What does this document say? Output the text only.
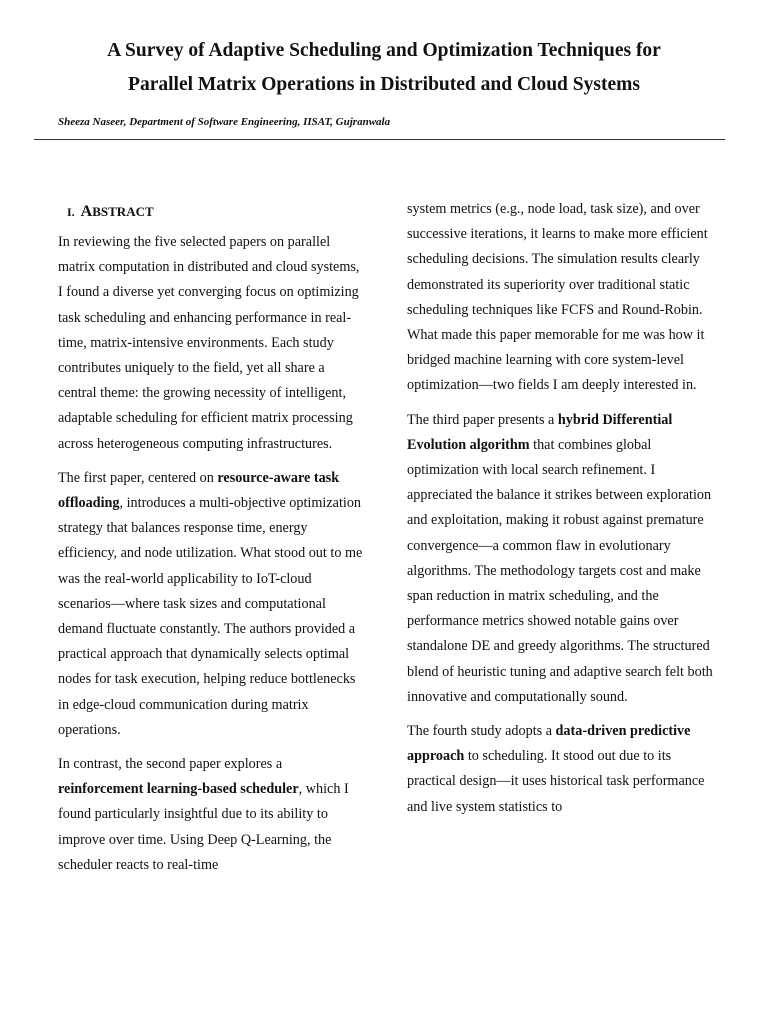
A Survey of Adaptive Scheduling and Optimization Techniques for
Parallel Matrix Operations in Distributed and Cloud Systems
Sheeza Naseer, Department of Software Engineering, IISAT, Gujranwala

I. ABSTRACT

In reviewing the five selected papers on parallel matrix computation in distributed and cloud systems, I found a diverse yet converging focus on optimizing task scheduling and enhancing performance in real-time, matrix-intensive environments. Each study contributes uniquely to the field, yet all share a central theme: the growing necessity of intelligent, adaptable scheduling for efficient matrix processing across heterogeneous computing infrastructures.

The first paper, centered on resource-aware task offloading, introduces a multi-objective optimization strategy that balances response time, energy efficiency, and node utilization. What stood out to me was the real-world applicability to IoT-cloud scenarios—where task sizes and computational demand fluctuate constantly. The authors provided a practical approach that dynamically selects optimal nodes for task execution, helping reduce bottlenecks in edge-cloud communication during matrix operations.

In contrast, the second paper explores a reinforcement learning-based scheduler, which I found particularly insightful due to its ability to improve over time. Using Deep Q-Learning, the scheduler reacts to real-time

system metrics (e.g., node load, task size), and over successive iterations, it learns to make more efficient scheduling decisions. The simulation results clearly demonstrated its superiority over traditional static scheduling techniques like FCFS and Round-Robin. What made this paper memorable for me was how it bridged machine learning with core system-level optimization—two fields I am deeply interested in.

The third paper presents a hybrid Differential Evolution algorithm that combines global optimization with local search refinement. I appreciated the balance it strikes between exploration and exploitation, making it robust against premature convergence—a common flaw in evolutionary algorithms. The methodology targets cost and make span reduction in matrix scheduling, and the performance metrics showed notable gains over standalone DE and greedy algorithms. The structured blend of heuristic tuning and adaptive search felt both innovative and computationally sound.

The fourth study adopts a data-driven predictive approach to scheduling. It stood out due to its practical design—it uses historical task performance and live system statistics to
